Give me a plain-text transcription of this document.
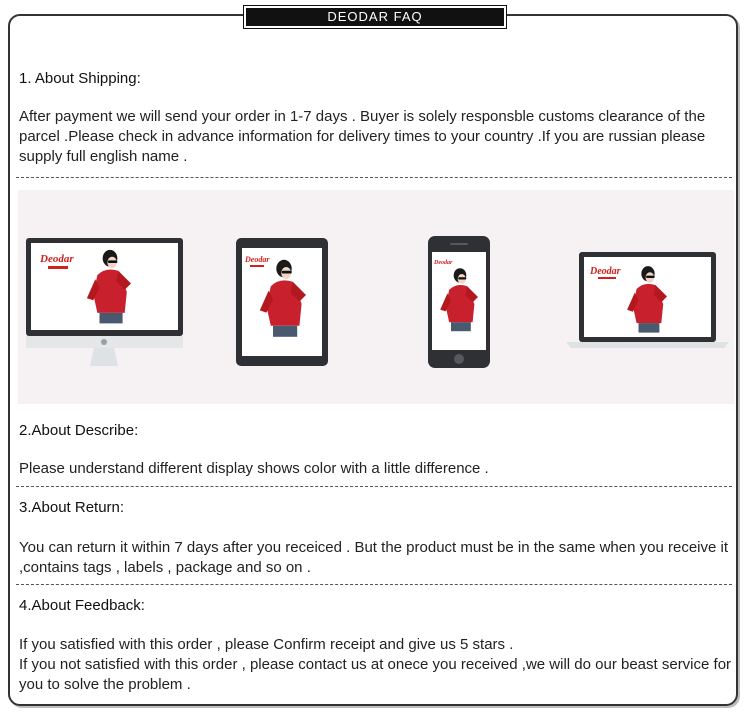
DEODAR FAQ
1. About Shipping:
After payment we will send your order in 1-7 days . Buyer is solely responsble customs clearance of the parcel .Please check in advance information for delivery times to your country .If you are russian please supply full english name .
Deodar	Deodar	Deodar
Deodar
2.About Describe:
Please understand different display shows color with a little difference .
3.About Return:
You can return it within 7 days after you receiced . But the product must be in the same when you receive it ,contains tags , labels , package and so on .
4.About Feedback:
If you satisfied with this order , please Confirm receipt and give us 5 stars .
If you not satisfied with this order , please contact us at onece you received ,we will do our beast service for you to solve the problem .
